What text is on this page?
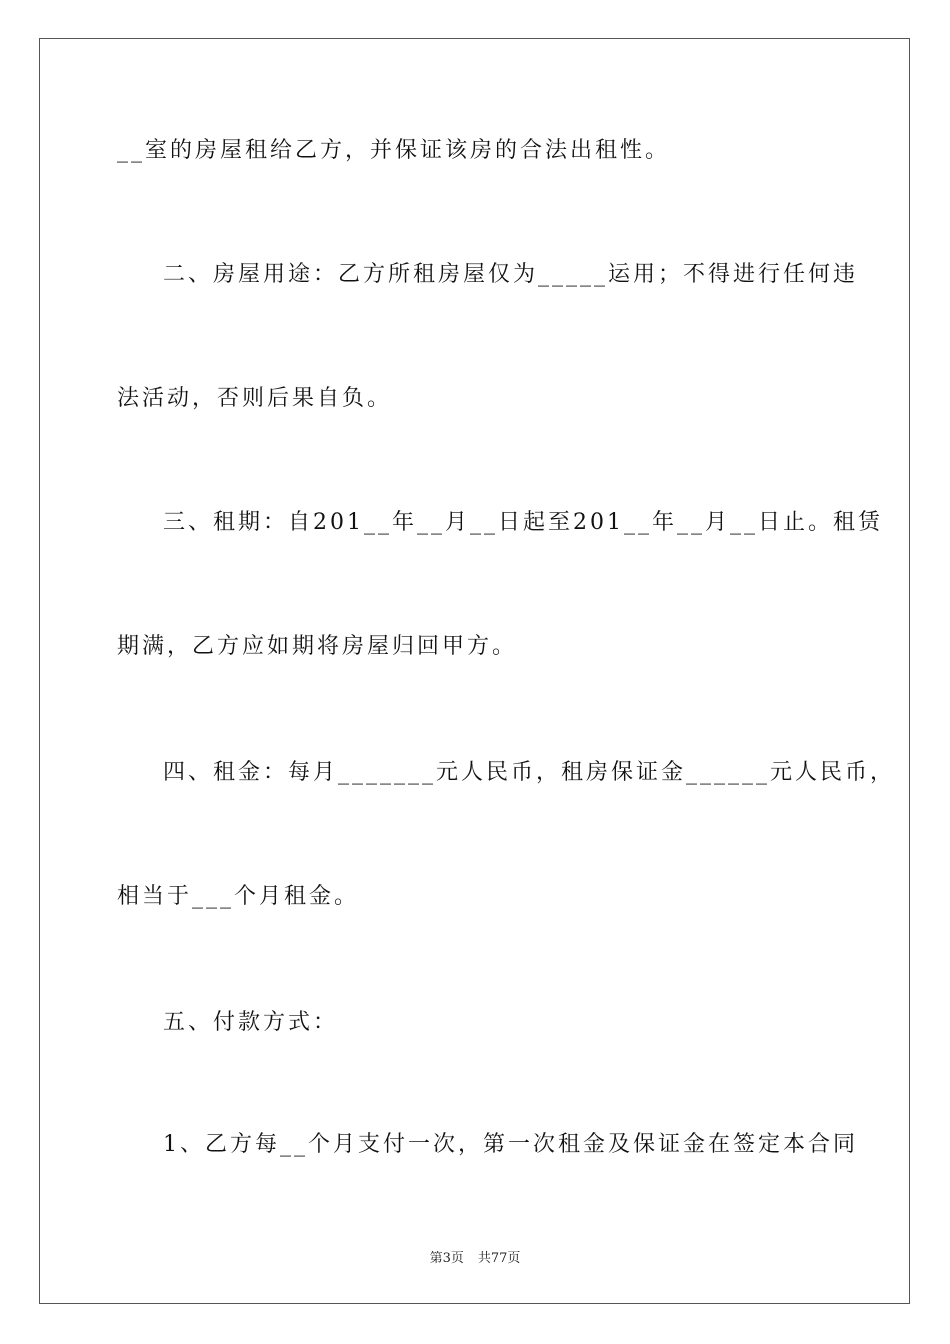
__室的房屋租给乙方，并保证该房的合法出租性。
二、房屋用途：乙方所租房屋仅为_____运用；不得进行任何违
法活动，否则后果自负。
三、租期：自201__年__月__日起至201__年__月__日止。租赁
期满，乙方应如期将房屋归回甲方。
四、租金：每月_______元人民币，租房保证金______元人民币，
相当于___个月租金。
五、付款方式：
1、乙方每__个月支付一次，第一次租金及保证金在签定本合同
第3页 共77页
